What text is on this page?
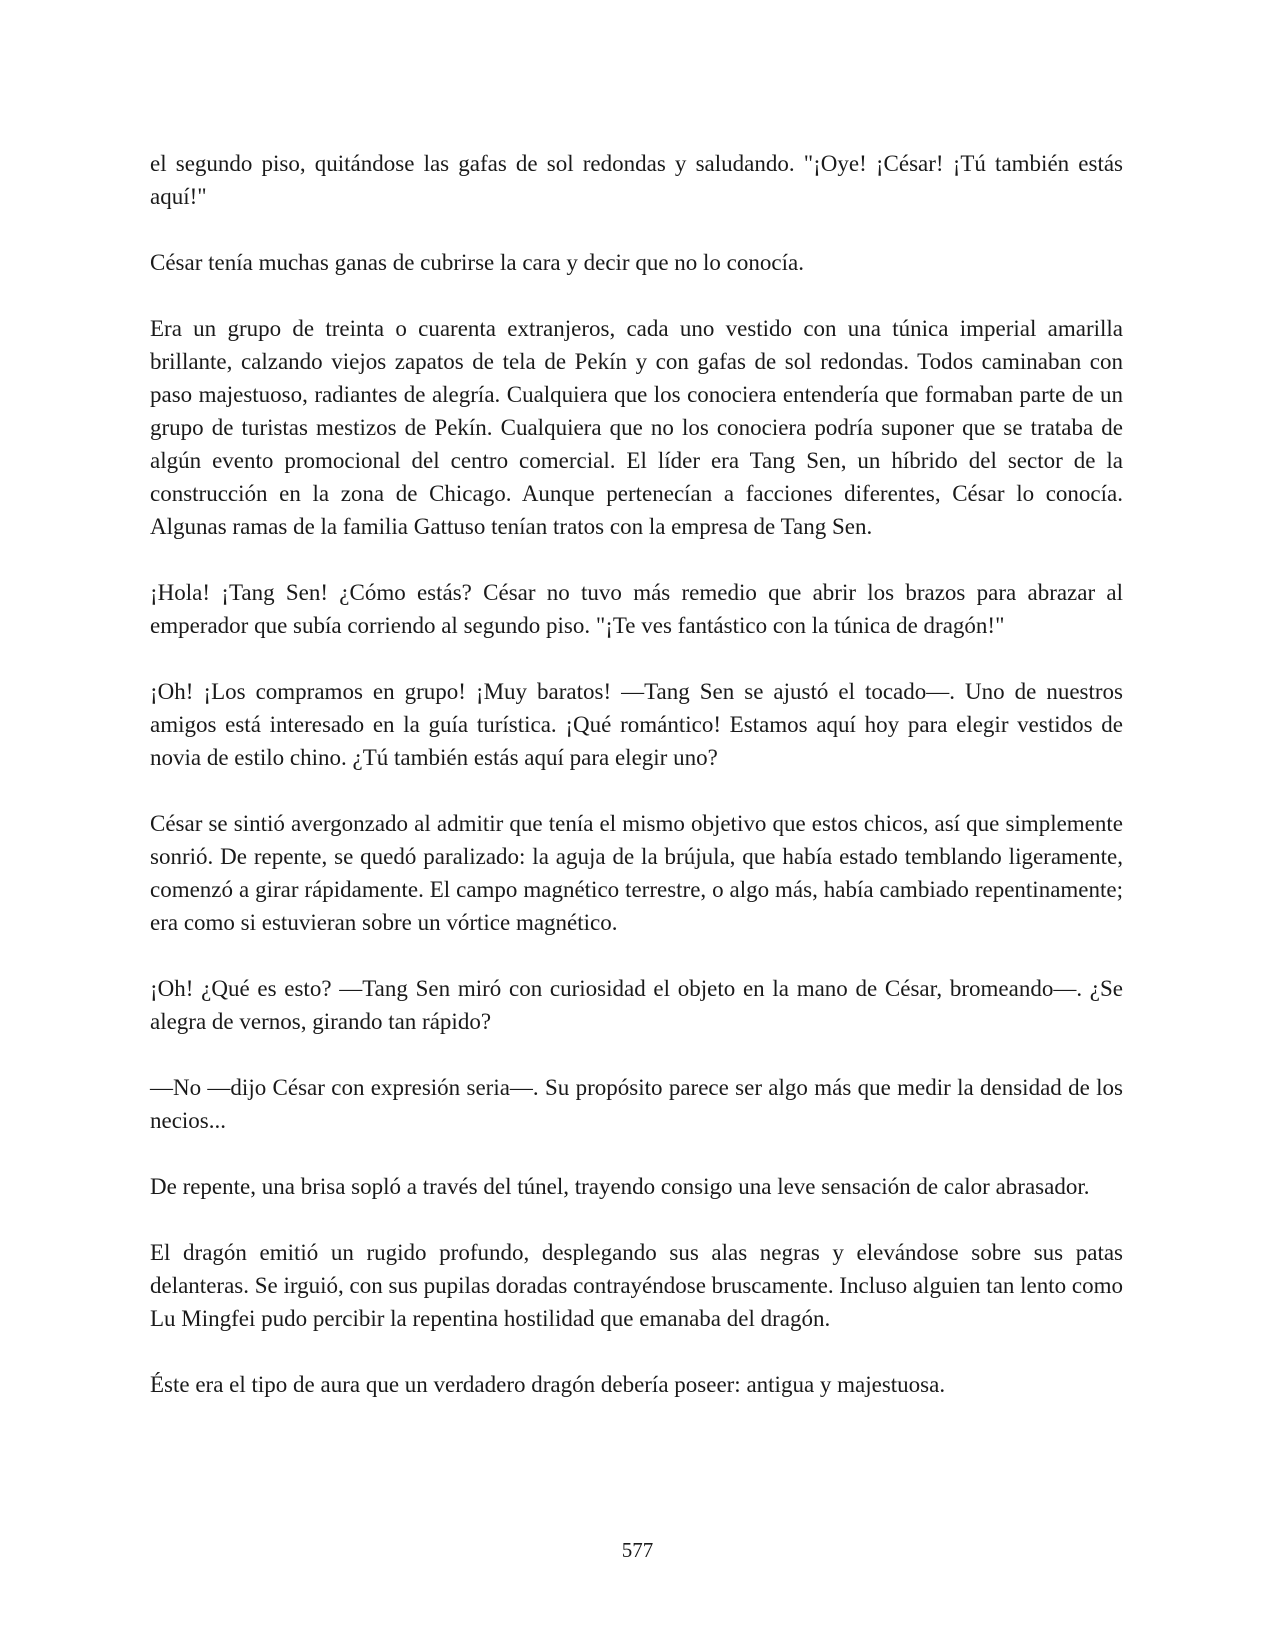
el segundo piso, quitándose las gafas de sol redondas y saludando. "¡Oye! ¡César! ¡Tú también estás aquí!"

César tenía muchas ganas de cubrirse la cara y decir que no lo conocía.

Era un grupo de treinta o cuarenta extranjeros, cada uno vestido con una túnica imperial amarilla brillante, calzando viejos zapatos de tela de Pekín y con gafas de sol redondas. Todos caminaban con paso majestuoso, radiantes de alegría. Cualquiera que los conociera entendería que formaban parte de un grupo de turistas mestizos de Pekín. Cualquiera que no los conociera podría suponer que se trataba de algún evento promocional del centro comercial. El líder era Tang Sen, un híbrido del sector de la construcción en la zona de Chicago. Aunque pertenecían a facciones diferentes, César lo conocía. Algunas ramas de la familia Gattuso tenían tratos con la empresa de Tang Sen.

¡Hola! ¡Tang Sen! ¿Cómo estás? César no tuvo más remedio que abrir los brazos para abrazar al emperador que subía corriendo al segundo piso. "¡Te ves fantástico con la túnica de dragón!"

¡Oh! ¡Los compramos en grupo! ¡Muy baratos! —Tang Sen se ajustó el tocado—. Uno de nuestros amigos está interesado en la guía turística. ¡Qué romántico! Estamos aquí hoy para elegir vestidos de novia de estilo chino. ¿Tú también estás aquí para elegir uno?

César se sintió avergonzado al admitir que tenía el mismo objetivo que estos chicos, así que simplemente sonrió. De repente, se quedó paralizado: la aguja de la brújula, que había estado temblando ligeramente, comenzó a girar rápidamente. El campo magnético terrestre, o algo más, había cambiado repentinamente; era como si estuvieran sobre un vórtice magnético.

¡Oh! ¿Qué es esto? —Tang Sen miró con curiosidad el objeto en la mano de César, bromeando—. ¿Se alegra de vernos, girando tan rápido?

—No —dijo César con expresión seria—. Su propósito parece ser algo más que medir la densidad de los necios...

De repente, una brisa sopló a través del túnel, trayendo consigo una leve sensación de calor abrasador.

El dragón emitió un rugido profundo, desplegando sus alas negras y elevándose sobre sus patas delanteras. Se irguió, con sus pupilas doradas contrayéndose bruscamente. Incluso alguien tan lento como Lu Mingfei pudo percibir la repentina hostilidad que emanaba del dragón.

Éste era el tipo de aura que un verdadero dragón debería poseer: antigua y majestuosa.

577
